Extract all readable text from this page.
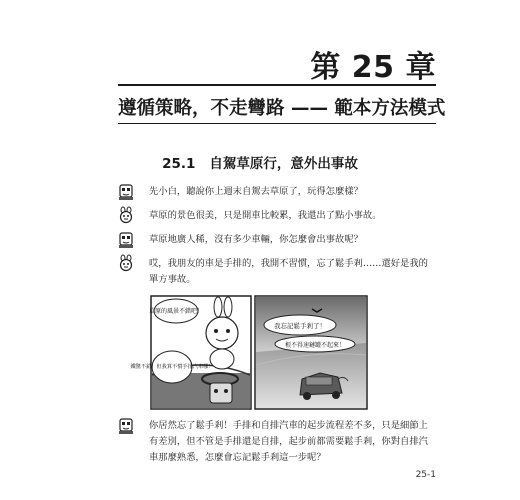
第 25 章
遵循策略，不走彎路 —— 範本方法模式
25.1 自駕草原行，意外出事故
先小白，聽說你上週末自駕去草原了，玩得怎麼樣？
草原的景色很美，只是開車比較累，我還出了點小事故。
草原地廣人稀，沒有多少車輛，你怎麼會出事故呢？
哎，我朋友的車是手排的，我開不習慣，忘了鬆手剎……還好是我的單方事故。
我忘記鬆手剎了！
根不得速鏈罐不起來！
草原的風景不錯吧！
鐵驚不錯！但我算不慣手排汽車哪！
你居然忘了鬆手剎！手排和自排汽車的起步流程差不多，只是細節上有差別，但不管是手排還是自排，起步前都需要鬆手剎，你對自排汽車那麼熟悉，怎麼會忘記鬆手剎這一步呢？
25-1
